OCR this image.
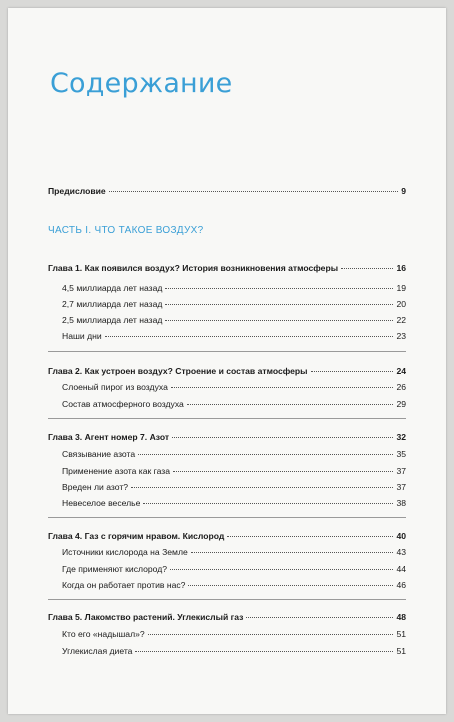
Содержание
Предисловие	9
ЧАСТЬ I. ЧТО ТАКОЕ ВОЗДУХ?
Глава 1. Как появился воздух? История возникновения атмосферы	16
4,5 миллиарда лет назад	19
2,7 миллиарда лет назад	20
2,5 миллиарда лет назад	22
Наши дни	23
Глава 2. Как устроен воздух? Строение и состав атмосферы	24
Слоеный пирог из воздуха	26
Состав атмосферного воздуха	29
Глава 3. Агент номер 7. Азот	32
Связывание азота	35
Применение азота как газа	37
Вреден ли азот?	37
Невеселое веселье	38
Глава 4. Газ с горячим нравом. Кислород	40
Источники кислорода на Земле	43
Где применяют кислород?	44
Когда он работает против нас?	46
Глава 5. Лакомство растений. Углекислый газ	48
Кто его «надышал»?	51
Углекислая диета	51
